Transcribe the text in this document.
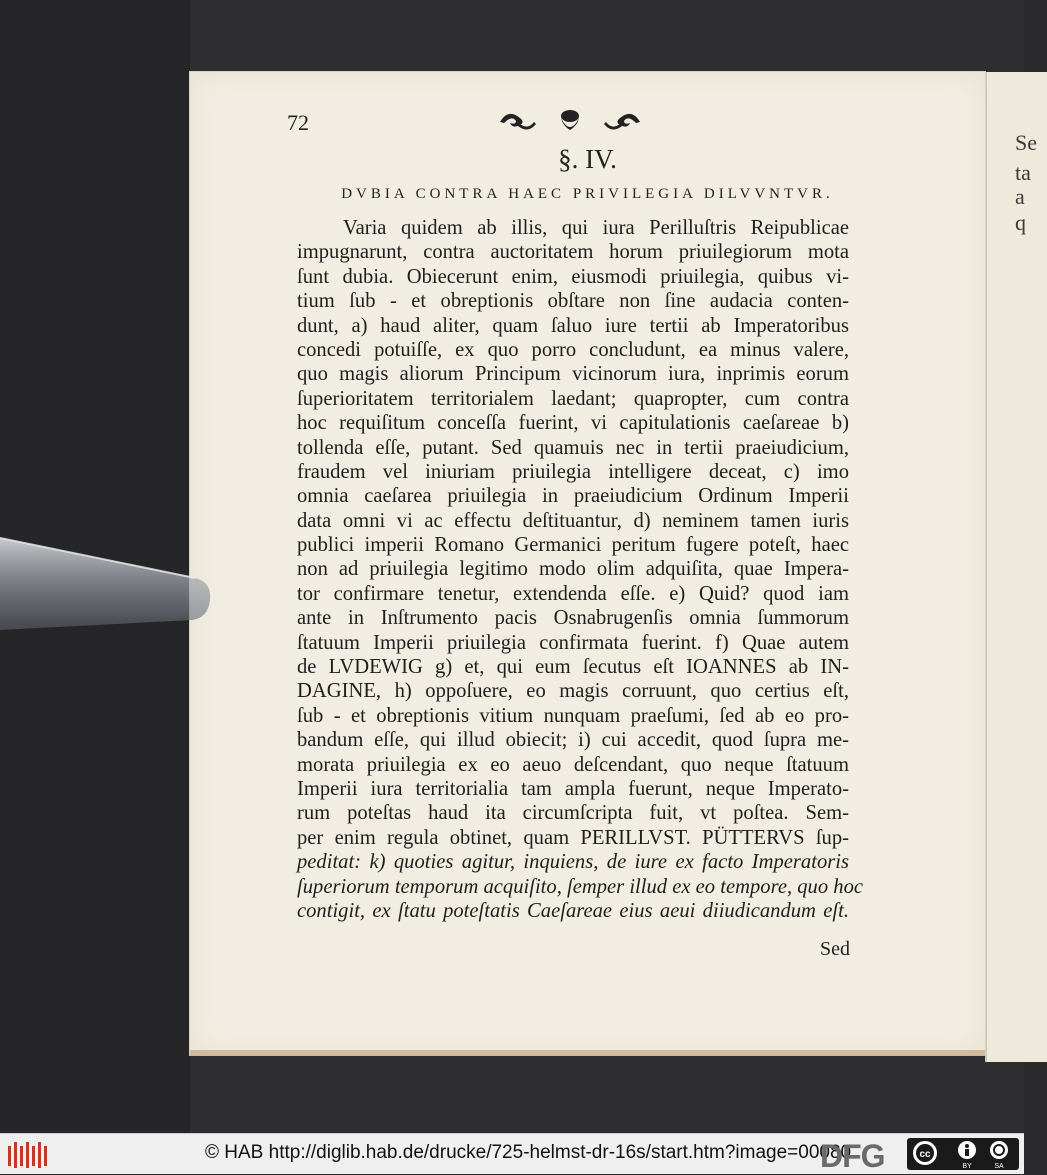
Se
ta
a
q
72
§. IV.
DVBIA CONTRA HAEC PRIVILEGIA DILVVNTVR.
Varia quidem ab illis, qui iura Perilluſtris Reipublicae
impugnarunt, contra auctoritatem horum priuilegiorum mota
ſunt dubia. Obiecerunt enim, eiusmodi priuilegia, quibus vi-
tium ſub - et obreptionis obſtare non ſine audacia conten-
dunt, a) haud aliter, quam ſaluo iure tertii ab Imperatoribus
concedi potuiſſe, ex quo porro concludunt, ea minus valere,
quo magis aliorum Principum vicinorum iura, inprimis eorum
ſuperioritatem territorialem laedant; quapropter, cum contra
hoc requiſitum conceſſa fuerint, vi capitulationis caeſareae b)
tollenda eſſe, putant. Sed quamuis nec in tertii praeiudicium,
fraudem vel iniuriam priuilegia intelligere deceat, c) imo
omnia caeſarea priuilegia in praeiudicium Ordinum Imperii
data omni vi ac effectu deſtituantur, d) neminem tamen iuris
publici imperii Romano Germanici peritum fugere poteſt, haec
non ad priuilegia legitimo modo olim adquiſita, quae Impera-
tor confirmare tenetur, extendenda eſſe. e) Quid? quod iam
ante in Inſtrumento pacis Osnabrugenſis omnia ſummorum
ſtatuum Imperii priuilegia confirmata fuerint. f) Quae autem
de LVDEWIG g) et, qui eum ſecutus eſt IOANNES ab IN-
DAGINE, h) oppoſuere, eo magis corruunt, quo certius eſt,
ſub - et obreptionis vitium nunquam praeſumi, ſed ab eo pro-
bandum eſſe, qui illud obiecit; i) cui accedit, quod ſupra me-
morata priuilegia ex eo aeuo deſcendant, quo neque ſtatuum
Imperii iura territorialia tam ampla fuerunt, neque Imperato-
rum poteſtas haud ita circumſcripta fuit, vt poſtea. Sem-
per enim regula obtinet, quam PERILLVST. PÜTTERVS ſup-
peditat: k) quoties agitur, inquiens, de iure ex facto Imperatoris
ſuperiorum temporum acquiſito, ſemper illud ex eo tempore, quo hoc
contigit, ex ſtatu poteſtatis Caeſareae eius aeui diiudicandum eſt.
Sed
© HAB http://diglib.hab.de/drucke/725-helmst-dr-16s/start.htm?image=00080
DFG	cc
BY	SA
